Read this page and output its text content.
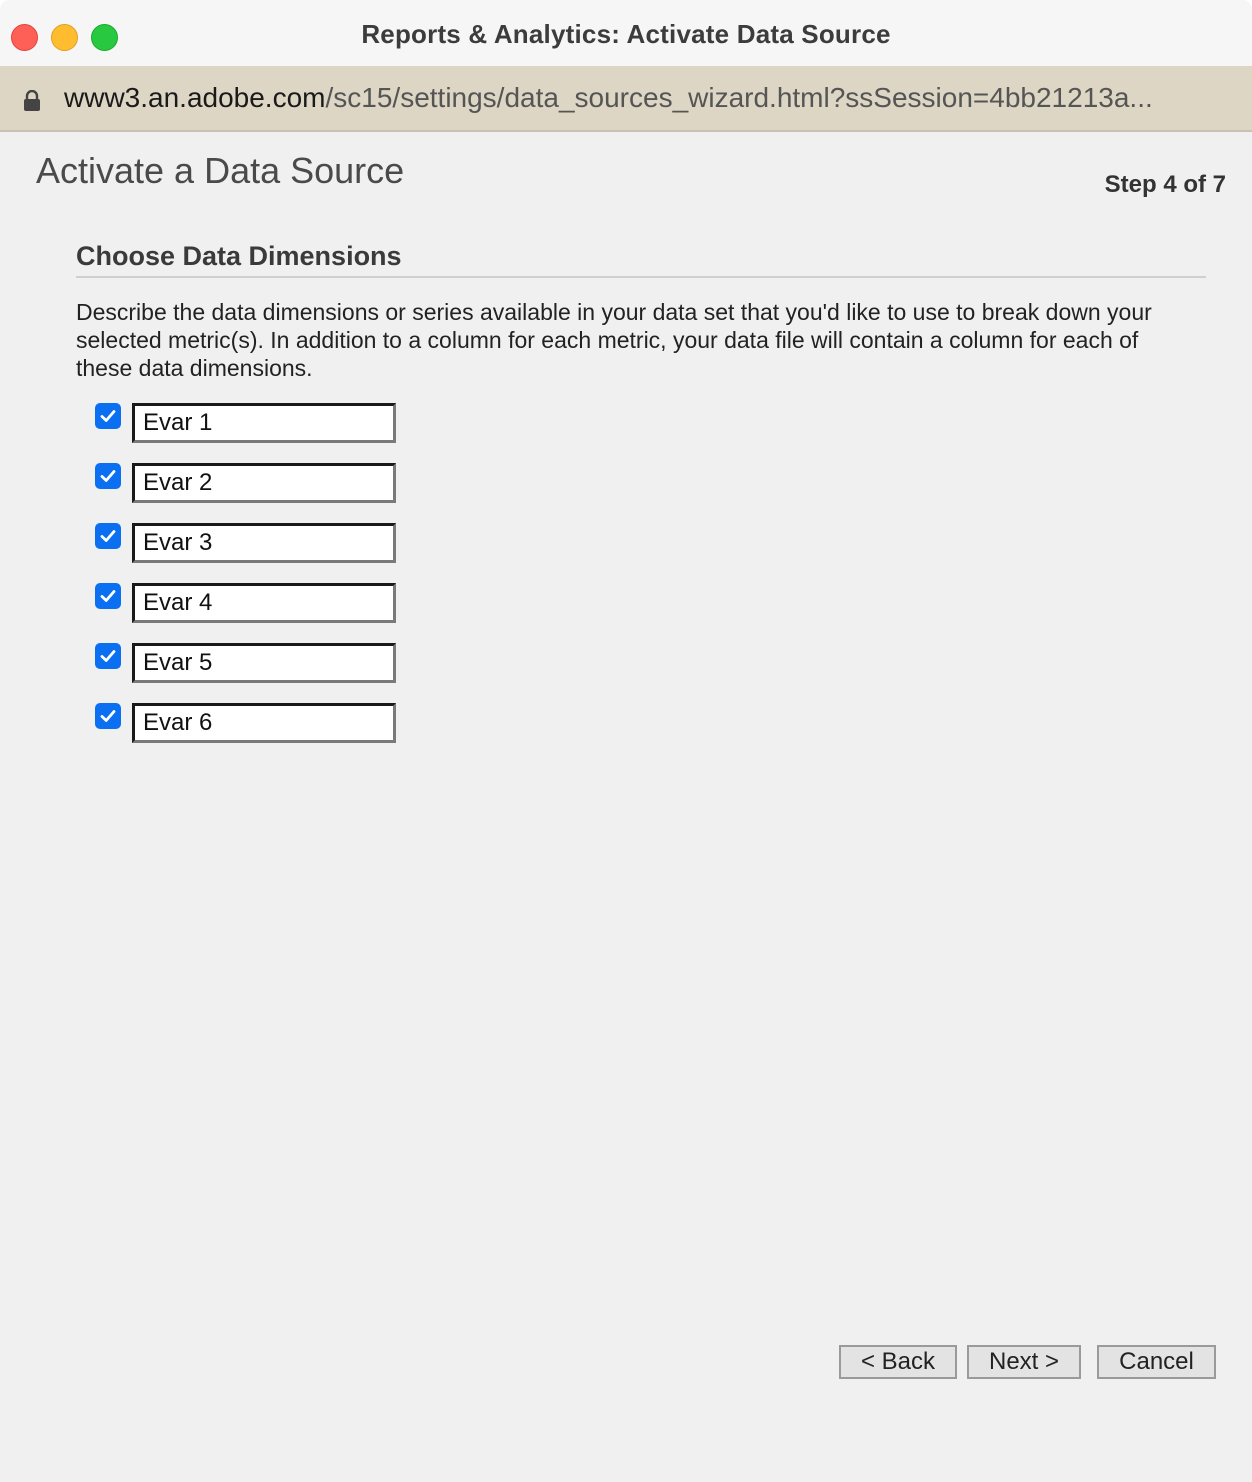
Reports & Analytics: Activate Data Source
www3.an.adobe.com/sc15/settings/data_sources_wizard.html?ssSession=4bb21213a...
Activate a Data Source	Step 4 of 7
Choose Data Dimensions
Describe the data dimensions or series available in your data set that you'd like to use to break down your selected metric(s). In addition to a column for each metric, your data file will contain a column for each of these data dimensions.
Evar 1
Evar 2
Evar 3
Evar 4
Evar 5
Evar 6
< Back	Next >	Cancel
